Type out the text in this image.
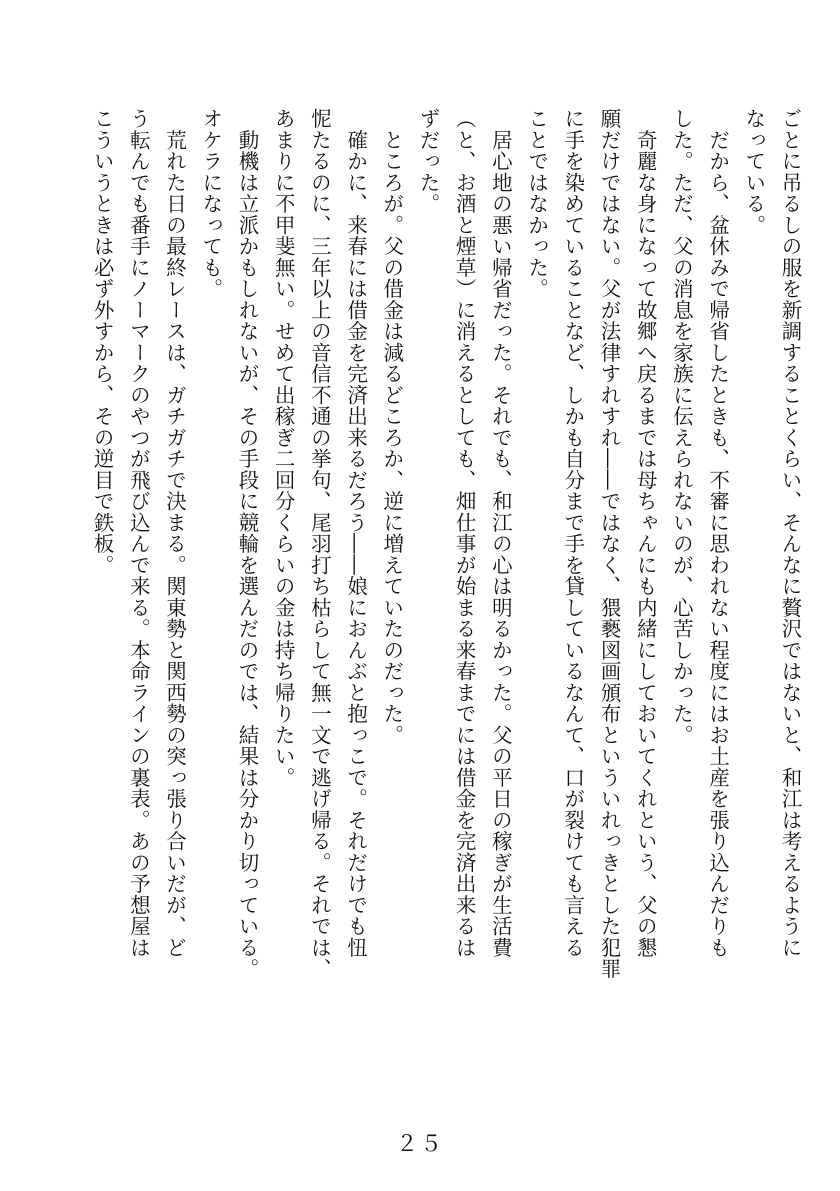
ごとに吊るしの服を新調することくらい、そんなに贅沢ではないと、和江は考えるように

なっている。

　だから、盆休みで帰省したときも、不審に思われない程度にはお土産を張り込んだりも

した。ただ、父の消息を家族に伝えられないのが、心苦しかった。

　奇麗な身になって故郷へ戻るまでは母ちゃんにも内緒にしておいてくれという、父の懇

願だけではない。父が法律すれすれ――ではなく、猥褻図画頒布といういれっきとした犯罪

に手を染めていることなど、しかも自分まで手を貸しているなんて、口が裂けても言える

ことではなかった。

　居心地の悪い帰省だった。それでも、和江の心は明るかった。父の平日の稼ぎが生活費

（と、お酒と煙草）に消えるとしても、畑仕事が始まる来春までには借金を完済出来るは

ずだった。

　ところが。父の借金は減るどころか、逆に増えていたのだった。

　確かに、来春には借金を完済出来るだろう――娘におんぶと抱っこで。それだけでも忸

怩たるのに、三年以上の音信不通の挙句、尾羽打ち枯らして無一文で逃げ帰る。それでは、

あまりに不甲斐無い。せめて出稼ぎ二回分くらいの金は持ち帰りたい。

　動機は立派かもしれないが、その手段に競輪を選んだのでは、結果は分かり切っている。

オケラになっても。

　荒れた日の最終レースは、ガチガチで決まる。関東勢と関西勢の突っ張り合いだが、ど

う転んでも番手にノーマークのやつが飛び込んで来る。本命ラインの裏表。あの予想屋は

こういうときは必ず外すから、その逆目で鉄板。

２５
